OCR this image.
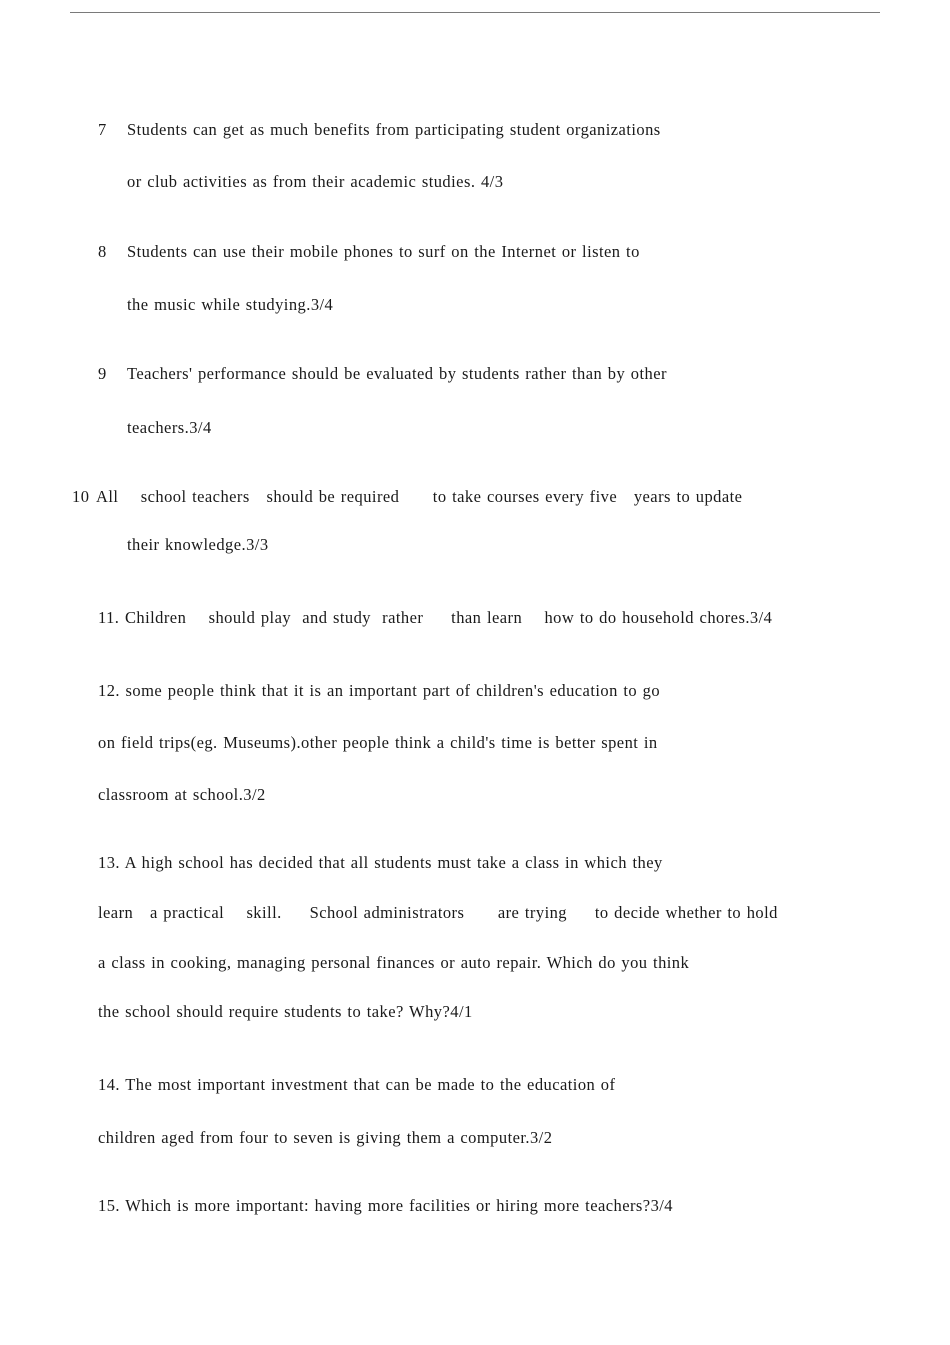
7 Students can get as much benefits from participating student organizations
or club activities as from their academic studies. 4/3
8 Students can use their mobile phones to surf on the Internet or listen to
the music while studying.3/4
9 Teachers' performance should be evaluated by students rather than by other
teachers.3/4
10 All    school teachers   should be required      to take courses every five   years to update
their knowledge.3/3
11. Children    should play  and study  rather     than learn    how to do household chores.3/4
12. some people think that it is an important part of children's education to go
on field trips(eg. Museums).other people think a child's time is better spent in
classroom at school.3/2
13. A high school has decided that all students must take a class in which they
learn   a practical    skill.     School administrators      are trying     to decide whether to hold
a class in cooking, managing personal finances or auto repair. Which do you think
the school should require students to take? Why?4/1
14. The most important investment that can be made to the education of
children aged from four to seven is giving them a computer.3/2
15. Which is more important: having more facilities or hiring more teachers?3/4
